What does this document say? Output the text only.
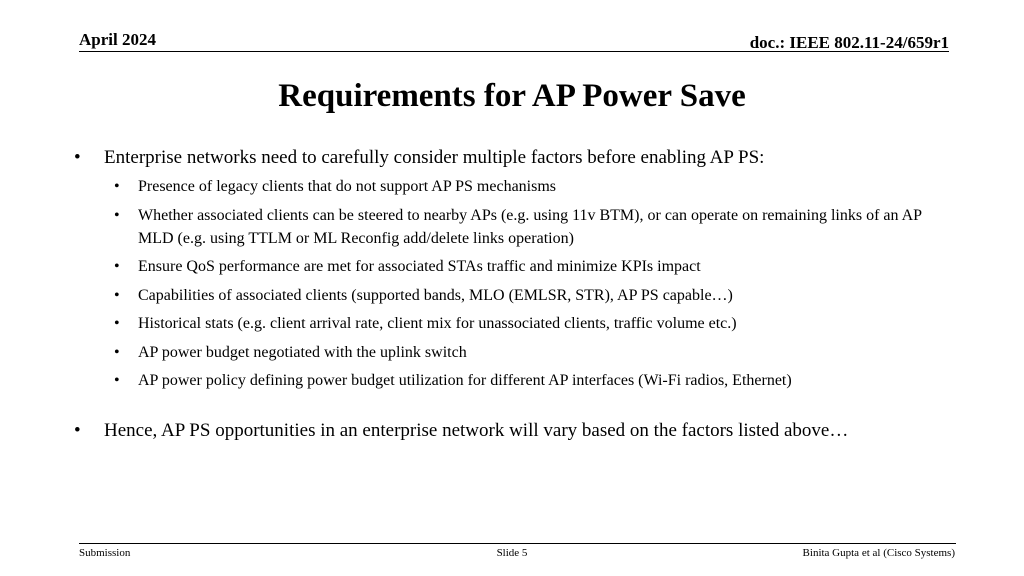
April 2024	doc.: IEEE 802.11-24/659r1
Requirements for AP Power Save
• Enterprise networks need to carefully consider multiple factors before enabling AP PS:
• Presence of legacy clients that do not support AP PS mechanisms
• Whether associated clients can be steered to nearby APs (e.g. using 11v BTM), or can operate on remaining links of an AP MLD (e.g. using TTLM or ML Reconfig add/delete links operation)
• Ensure QoS performance are met for associated STAs traffic and minimize KPIs impact
• Capabilities of associated clients (supported bands, MLO (EMLSR, STR), AP PS capable…)
• Historical stats (e.g. client arrival rate, client mix for unassociated clients, traffic volume etc.)
• AP power budget negotiated with the uplink switch
• AP power policy defining power budget utilization for different AP interfaces (Wi-Fi radios, Ethernet)
• Hence, AP PS opportunities in an enterprise network will vary based on the factors listed above…
Submission	Slide 5	Binita Gupta et al (Cisco Systems)
